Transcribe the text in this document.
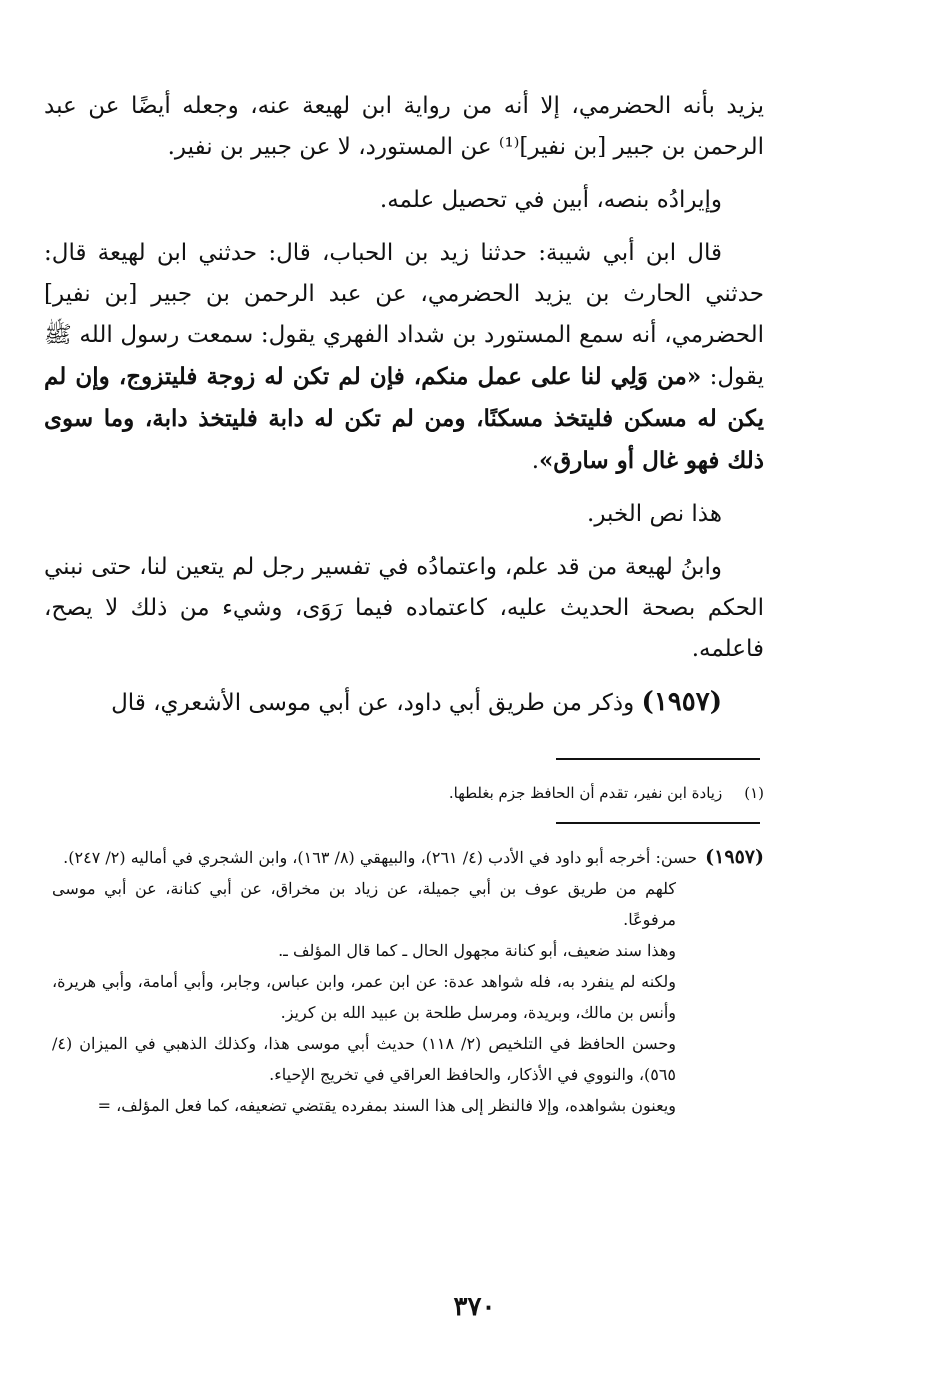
يزيد بأنه الحضرمي، إلا أنه من رواية ابن لهيعة عنه، وجعله أيضًا عن عبد الرحمن بن جبير [بن نفير]⁽¹⁾ عن المستورد، لا عن جبير بن نفير.

وإيرادُه بنصه، أبين في تحصيل علمه.

قال ابن أبي شيبة: حدثنا زيد بن الحباب، قال: حدثني ابن لهيعة قال: حدثني الحارث بن يزيد الحضرمي، عن عبد الرحمن بن جبير [بن نفير] الحضرمي، أنه سمع المستورد بن شداد الفهري يقول: سمعت رسول الله ﷺ يقول: «من وَلِي لنا على عمل منكم، فإن لم تكن له زوجة فليتزوج، وإن لم يكن له مسكن فليتخذ مسكنًا، ومن لم تكن له دابة فليتخذ دابة، وما سوى ذلك فهو غال أو سارق».

هذا نص الخبر.

وابنُ لهيعة من قد علم، واعتمادُه في تفسير رجل لم يتعين لنا، حتى نبني الحكم بصحة الحديث عليه، كاعتماده فيما رَوَى، وشيء من ذلك لا يصح، فاعلمه.

(١٩٥٧) وذكر من طريق أبي داود، عن أبي موسى الأشعري، قال

(١)زيادة ابن نفير، تقدم أن الحافظ جزم بغلطها.

(١٩٥٧)حسن: أخرجه أبو داود في الأدب (٤/ ٢٦١)، والبيهقي (٨/ ١٦٣)، وابن الشجري في أماليه (٢/ ٢٤٧).

كلهم من طريق عوف بن أبي جميلة، عن زياد بن مخراق، عن أبي كنانة، عن أبي موسى مرفوعًا.

وهذا سند ضعيف، أبو كنانة مجهول الحال ـ كما قال المؤلف ـ.

ولكنه لم ينفرد به، فله شواهد عدة: عن ابن عمر، وابن عباس، وجابر، وأبي أمامة، وأبي هريرة، وأنس بن مالك، وبريدة، ومرسل طلحة بن عبيد الله بن كريز.

وحسن الحافظ في التلخيص (٢/ ١١٨) حديث أبي موسى هذا، وكذلك الذهبي في الميزان (٤/ ٥٦٥)، والنووي في الأذكار، والحافظ العراقي في تخريج الإحياء.

ويعنون بشواهده، وإلا فالنظر إلى هذا السند بمفرده يقتضي تضعيفه، كما فعل المؤلف، =

٣٧٠
